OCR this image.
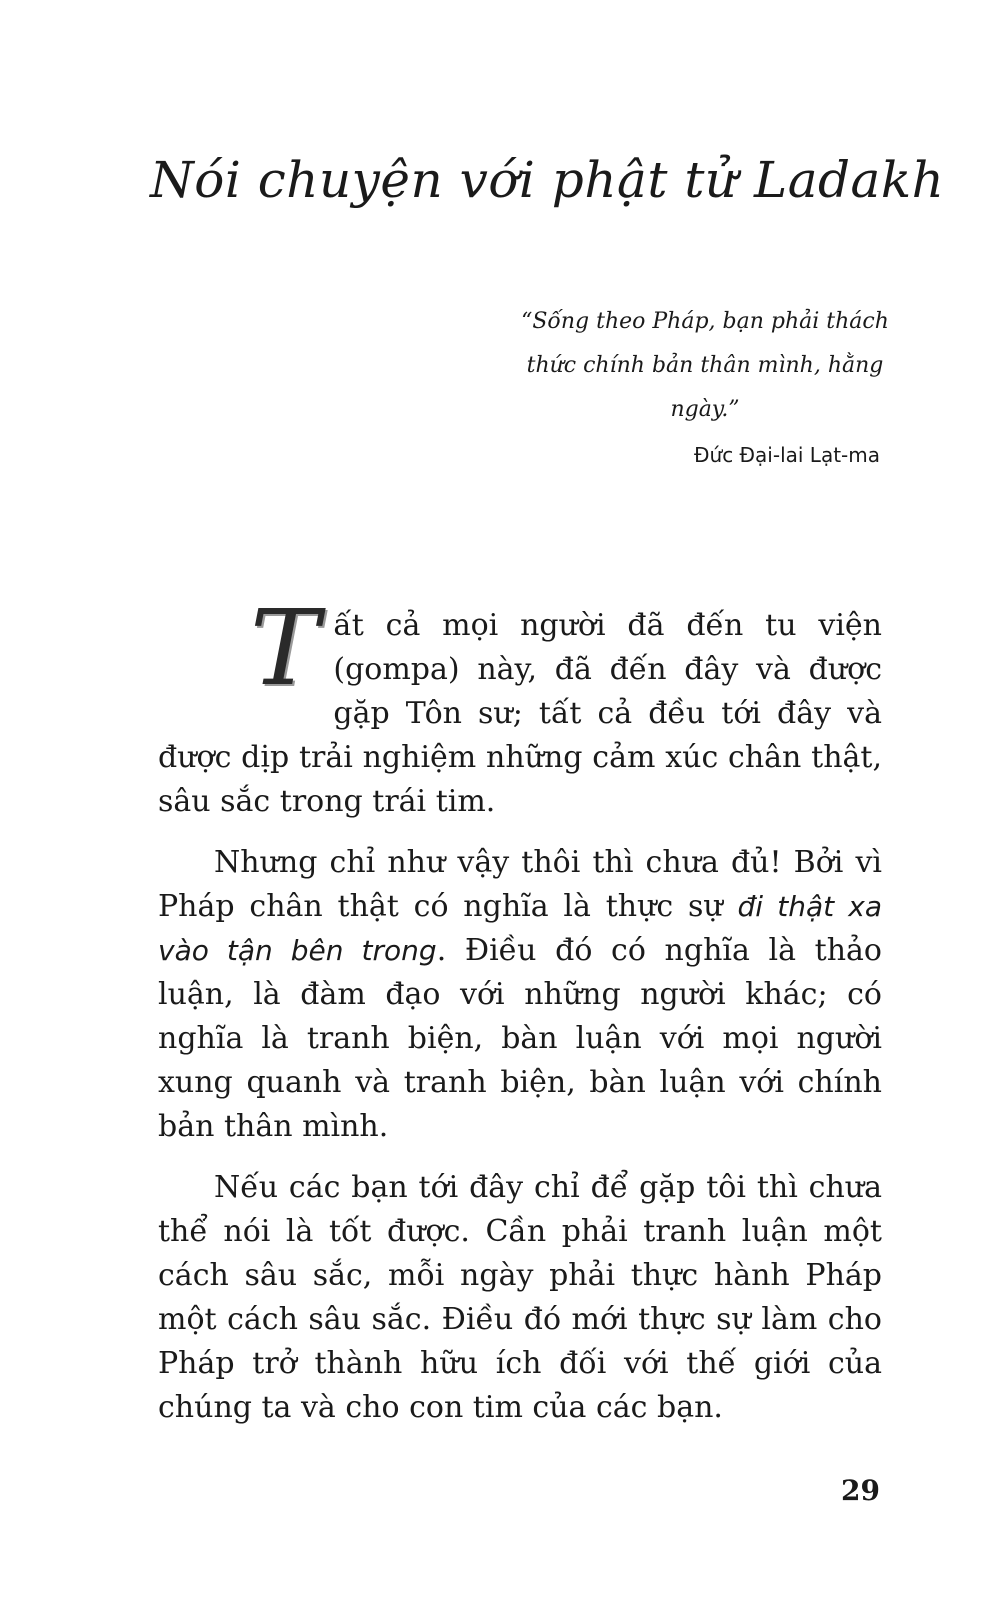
Nói chuyện với phật tử Ladakh

“Sống theo Pháp, bạn phải thách thức chính bản thân mình, hằng ngày.”

Đức Đại-lai Lạt-ma

Tất cả mọi người đã đến tu viện (gompa) này, đã đến đây và được gặp Tôn sư; tất cả đều tới đây và được dịp trải nghiệm những cảm xúc chân thật, sâu sắc trong trái tim.

Nhưng chỉ như vậy thôi thì chưa đủ! Bởi vì Pháp chân thật có nghĩa là thực sự đi thật xa vào tận bên trong. Điều đó có nghĩa là thảo luận, là đàm đạo với những người khác; có nghĩa là tranh biện, bàn luận với mọi người xung quanh và tranh biện, bàn luận với chính bản thân mình.

Nếu các bạn tới đây chỉ để gặp tôi thì chưa thể nói là tốt được. Cần phải tranh luận một cách sâu sắc, mỗi ngày phải thực hành Pháp một cách sâu sắc. Điều đó mới thực sự làm cho Pháp trở thành hữu ích đối với thế giới của chúng ta và cho con tim của các bạn.

29
